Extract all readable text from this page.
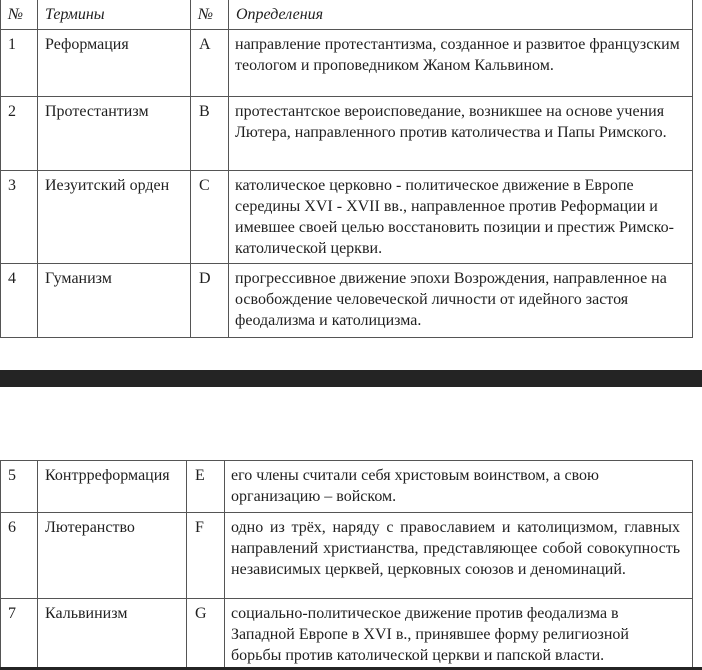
№	Термины	№	Определения
1	Реформация	A	направление протестантизма, созданное и развитое французским теологом и проповедником Жаном Кальвином.
2	Протестантизм	B	протестантское вероисповедание, возникшее на основе учения Лютера, направленного против католичества и Папы Римского.
3	Иезуитский орден	C	католическое церковно - политическое движение в Европе середины XVI - XVII вв., направленное против Реформации и имевшее своей целью восстановить позиции и престиж Римско-католической церкви.
4	Гуманизм	D	прогрессивное движение эпохи Возрождения, направленное на освобождение человеческой личности от идейного застоя феодализма и католицизма.
5	Контрреформация	E	его члены считали себя христовым воинством, а свою организацию – войском.
6	Лютеранство	F	одно из трёх, наряду с православием и католицизмом, главных направлений христианства, представляющее собой совокупность независимых церквей, церковных союзов и деноминаций.
7	Кальвинизм	G	социально-политическое движение против феодализма в Западной Европе в XVI в., принявшее форму религиозной борьбы против католической церкви и папской власти.
